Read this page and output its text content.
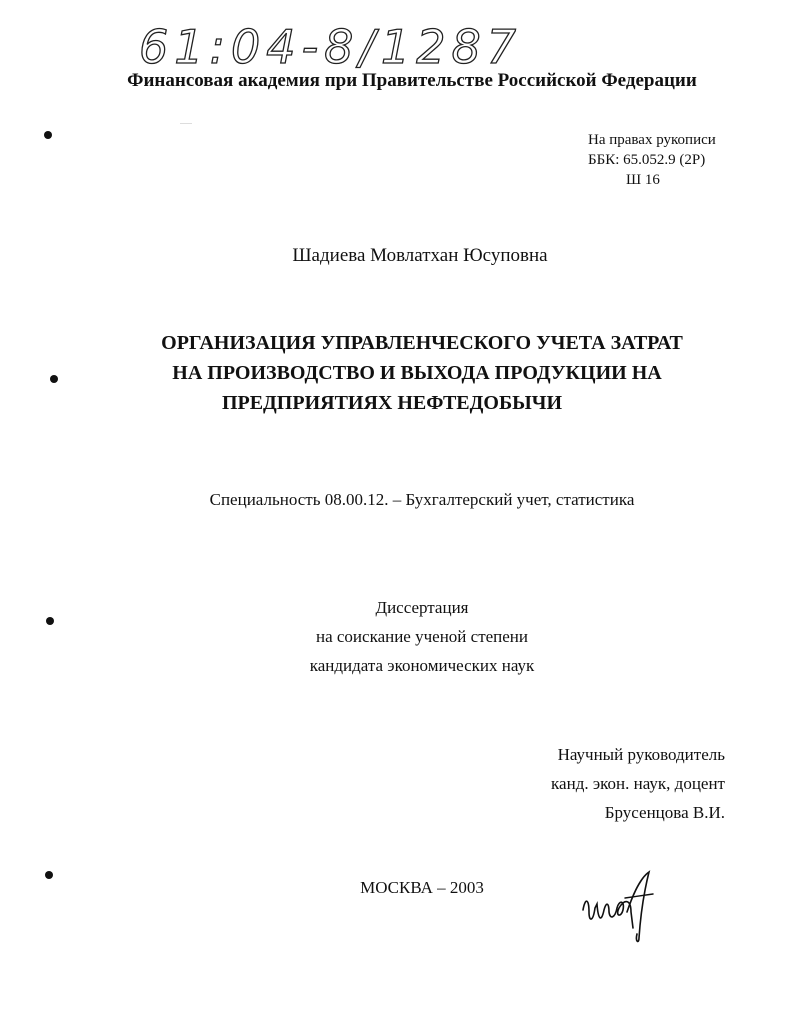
61:04-8/1287
Финансовая академия при Правительстве Российской Федерации
На правах рукописи
ББК: 65.052.9 (2Р)
Ш 16
Шадиева Мовлатхан Юсуповна
ОРГАНИЗАЦИЯ УПРАВЛЕНЧЕСКОГО УЧЕТА ЗАТРАТ
НА ПРОИЗВОДСТВО И ВЫХОДА ПРОДУКЦИИ НА
ПРЕДПРИЯТИЯХ НЕФТЕДОБЫЧИ
Специальность 08.00.12. – Бухгалтерский учет, статистика
Диссертация
на соискание ученой степени
кандидата экономических наук
Научный руководитель
канд. экон. наук, доцент
Брусенцова В.И.
МОСКВА – 2003
